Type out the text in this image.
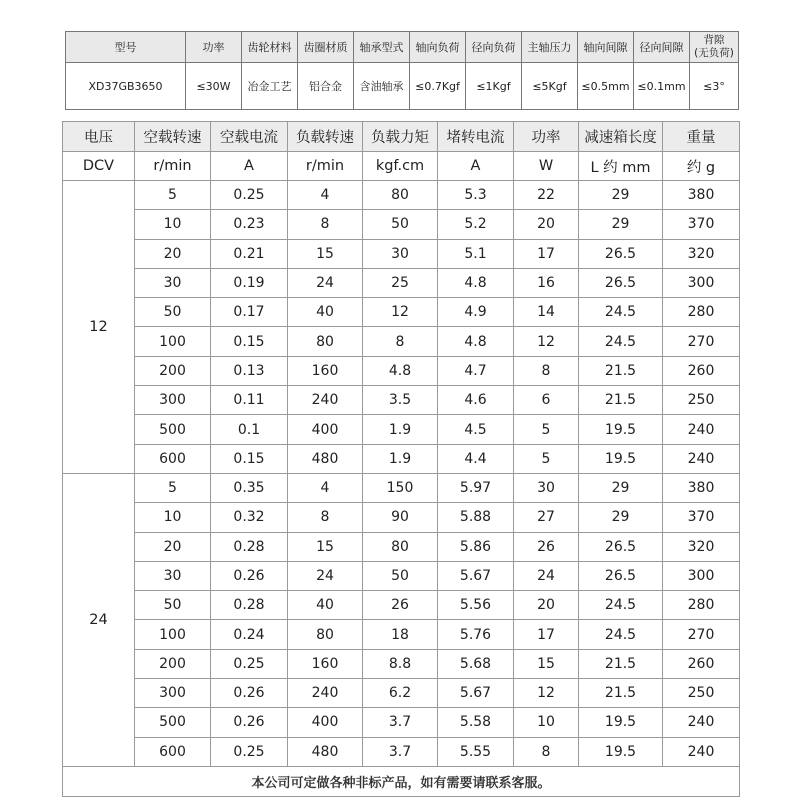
型号	功率	齿轮材料	齿圈材质	轴承型式	轴向负荷	径向负荷	主轴压力	轴向间隙	径向间隙	背隙
(无负荷)
XD37GB3650	≤30W	冶金工艺	铝合金	含油轴承	≤0.7Kgf	≤1Kgf	≤5Kgf	≤0.5mm	≤0.1mm	≤3°
电压	空载转速	空载电流	负载转速	负载力矩	堵转电流	功率	减速箱长度	重量
DCV	r/min	A	r/min	kgf.cm	A	W	L 约 mm	约 g
12	5	0.25	4	80	5.3	22	29	380
	10	0.23	8	50	5.2	20	29	370
	20	0.21	15	30	5.1	17	26.5	320
	30	0.19	24	25	4.8	16	26.5	300
	50	0.17	40	12	4.9	14	24.5	280
	100	0.15	80	8	4.8	12	24.5	270
	200	0.13	160	4.8	4.7	8	21.5	260
	300	0.11	240	3.5	4.6	6	21.5	250
	500	0.1	400	1.9	4.5	5	19.5	240
	600	0.15	480	1.9	4.4	5	19.5	240
24	5	0.35	4	150	5.97	30	29	380
	10	0.32	8	90	5.88	27	29	370
	20	0.28	15	80	5.86	26	26.5	320
	30	0.26	24	50	5.67	24	26.5	300
	50	0.28	40	26	5.56	20	24.5	280
	100	0.24	80	18	5.76	17	24.5	270
	200	0.25	160	8.8	5.68	15	21.5	260
	300	0.26	240	6.2	5.67	12	21.5	250
	500	0.26	400	3.7	5.58	10	19.5	240
	600	0.25	480	3.7	5.55	8	19.5	240
本公司可定做各种非标产品，如有需要请联系客服。								
